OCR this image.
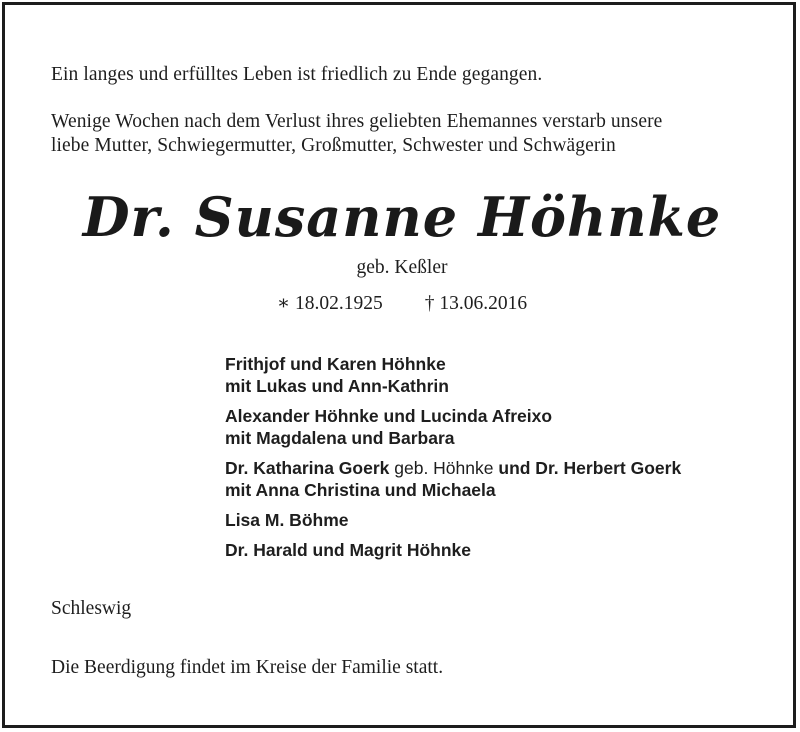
Ein langes und erfülltes Leben ist friedlich zu Ende gegangen.

Wenige Wochen nach dem Verlust ihres geliebten Ehemannes verstarb unsere
liebe Mutter, Schwiegermutter, Großmutter, Schwester und Schwägerin

Dr. Susanne Höhnke

geb. Keßler

∗ 18.02.1925 † 13.06.2016
Frithjof und Karen Höhnke
mit Lukas und Ann-Kathrin
Alexander Höhnke und Lucinda Afreixo
mit Magdalena und Barbara
Dr. Katharina Goerk geb. Höhnke und Dr. Herbert Goerk
mit Anna Christina und Michaela
Lisa M. Böhme
Dr. Harald und Magrit Höhnke

Schleswig

Die Beerdigung findet im Kreise der Familie statt.
